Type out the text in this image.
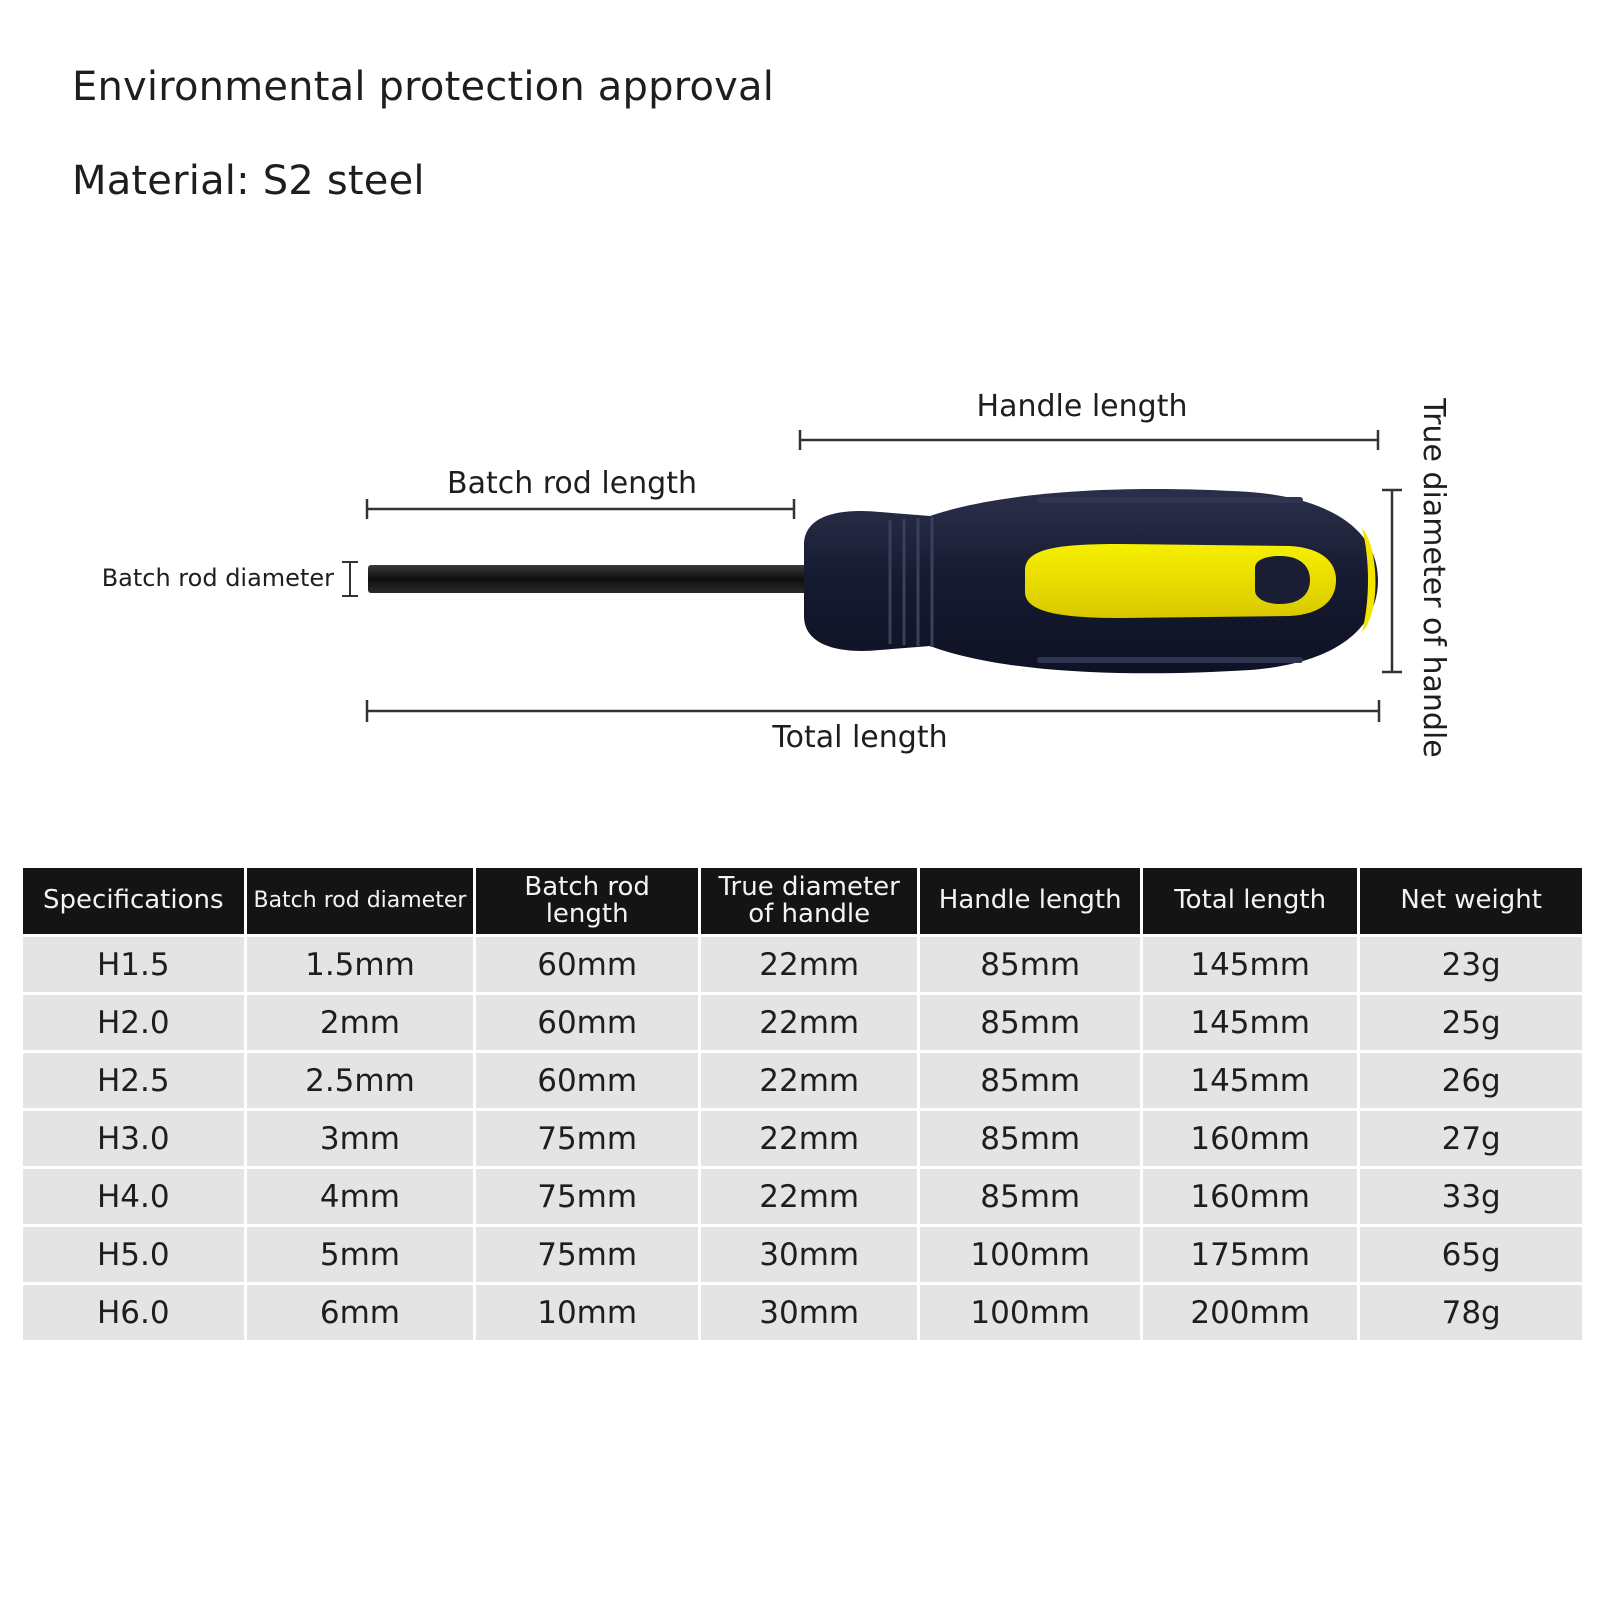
Environmental protection approval
Material: S2 steel
Handle length
Batch rod length
Batch rod diameter	True diameter of handle
Total length
Specifications	Batch rod diameter	Batch rod length	True diameter of handle	Handle length	Total length	Net weight
H1.5	1.5mm	60mm	22mm	85mm	145mm	23g
H2.0	2mm	60mm	22mm	85mm	145mm	25g
H2.5	2.5mm	60mm	22mm	85mm	145mm	26g
H3.0	3mm	75mm	22mm	85mm	160mm	27g
H4.0	4mm	75mm	22mm	85mm	160mm	33g
H5.0	5mm	75mm	30mm	100mm	175mm	65g
H6.0	6mm	10mm	30mm	100mm	200mm	78g
